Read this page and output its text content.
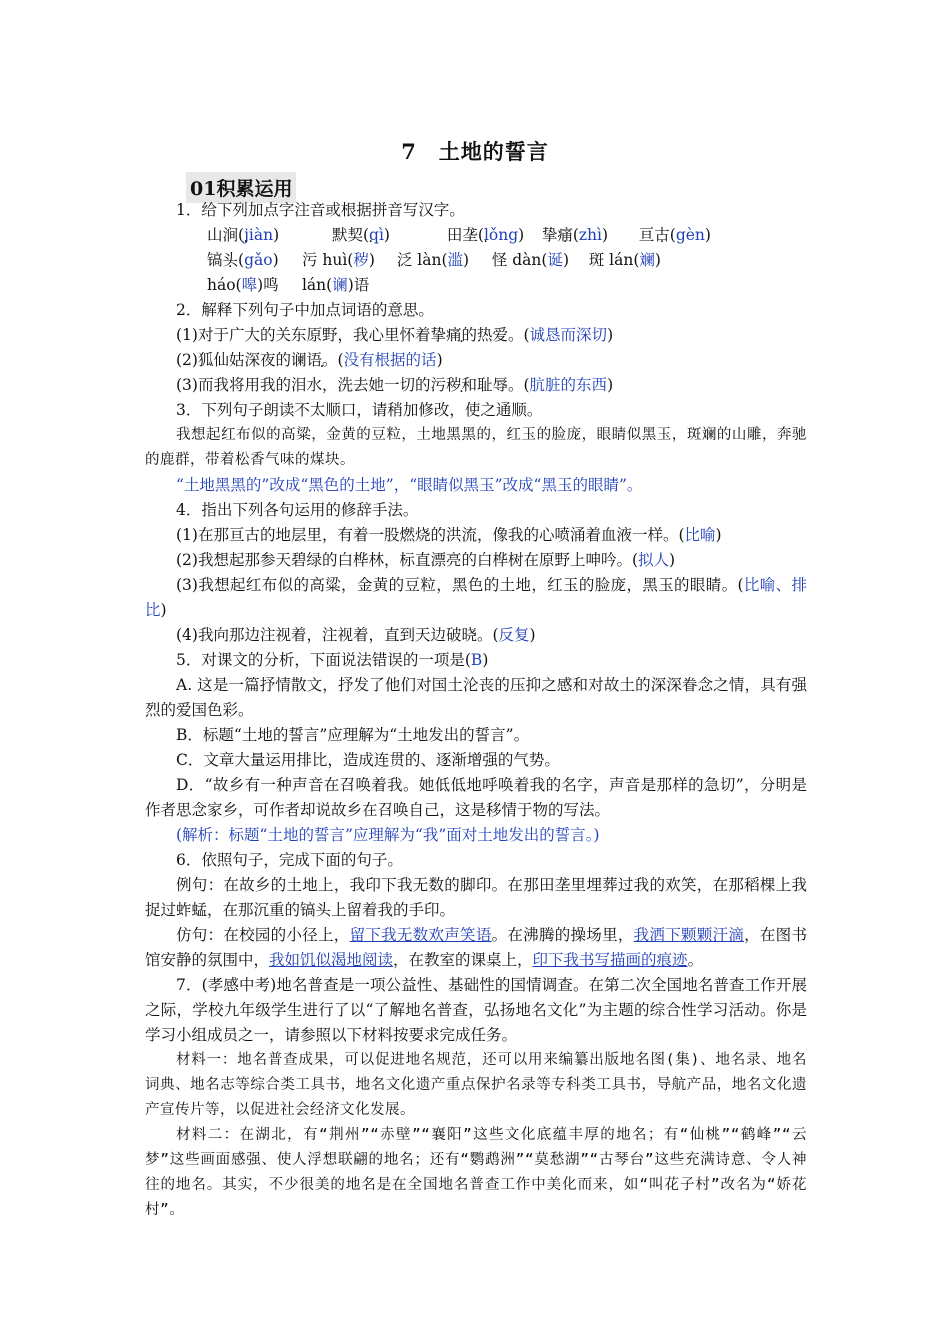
7　土地的誓言
01积累运用

1．给下列加点字注音或根据拼音写汉字。

山涧(jiàn)	默契(qì)	田垄(lǒng) 挚痛(zhì) 亘古(gèn)
镐头(gǎo) 污 huì(秽) 泛 làn(滥) 怪 dàn(诞) 斑 lán(斓)
háo(嗥)鸣 lán(谰)语

2．解释下列句子中加点词语的意思。

(1)对于广大的关东原野，我心里怀着挚痛的热爱。(诚恳而深切)

(2)狐仙姑深夜的谰语。(没有根据的话)

(3)而我将用我的泪水，洗去她一切的污秽和耻辱。(肮脏的东西)

3．下列句子朗读不太顺口，请稍加修改，使之通顺。

我想起红布似的高粱，金黄的豆粒，土地黑黑的，红玉的脸庞，眼睛似黑玉，斑斓的山雕，奔驰的鹿群，带着松香气味的煤块。

“土地黑黑的”改成“黑色的土地”，“眼睛似黑玉”改成“黑玉的眼睛”。

4．指出下列各句运用的修辞手法。

(1)在那亘古的地层里，有着一股燃烧的洪流，像我的心喷涌着血液一样。(比喻)

(2)我想起那参天碧绿的白桦林，标直漂亮的白桦树在原野上呻吟。(拟人)

(3)我想起红布似的高粱，金黄的豆粒，黑色的土地，红玉的脸庞，黑玉的眼睛。(比喻、排比)

(4)我向那边注视着，注视着，直到天边破晓。(反复)

5．对课文的分析，下面说法错误的一项是(B)

A. 这是一篇抒情散文，抒发了他们对国土沦丧的压抑之感和对故土的深深眷念之情，具有强烈的爱国色彩。

B．标题“土地的誓言”应理解为“土地发出的誓言”。

C．文章大量运用排比，造成连贯的、逐渐增强的气势。

D．“故乡有一种声音在召唤着我。她低低地呼唤着我的名字，声音是那样的急切”，分明是作者思念家乡，可作者却说故乡在召唤自己，这是移情于物的写法。

(解析：标题“土地的誓言”应理解为“我”面对土地发出的誓言。)

6．依照句子，完成下面的句子。

例句：在故乡的土地上，我印下我无数的脚印。在那田垄里埋葬过我的欢笑，在那稻棵上我捉过蚱蜢，在那沉重的镐头上留着我的手印。

仿句：在校园的小径上，留下我无数欢声笑语。在沸腾的操场里，我洒下颗颗汗滴，在图书馆安静的氛围中，我如饥似渴地阅读，在教室的课桌上，印下我书写描画的痕迹。

7．(孝感中考)地名普查是一项公益性、基础性的国情调查。在第二次全国地名普查工作开展之际，学校九年级学生进行了以“了解地名普查，弘扬地名文化”为主题的综合性学习活动。你是学习小组成员之一，请参照以下材料按要求完成任务。

材料一：地名普查成果，可以促进地名规范，还可以用来编纂出版地名图(集)、地名录、地名词典、地名志等综合类工具书，地名文化遗产重点保护名录等专科类工具书，导航产品，地名文化遗产宣传片等，以促进社会经济文化发展。

材料二：在湖北，有“荆州”“赤壁”“襄阳”这些文化底蕴丰厚的地名；有“仙桃”“鹤峰”“云梦”这些画面感强、使人浮想联翩的地名；还有“鹦鹉洲”“莫愁湖”“古琴台”这些充满诗意、令人神往的地名。其实，不少很美的地名是在全国地名普查工作中美化而来，如“叫花子村”改名为“娇花村”。
